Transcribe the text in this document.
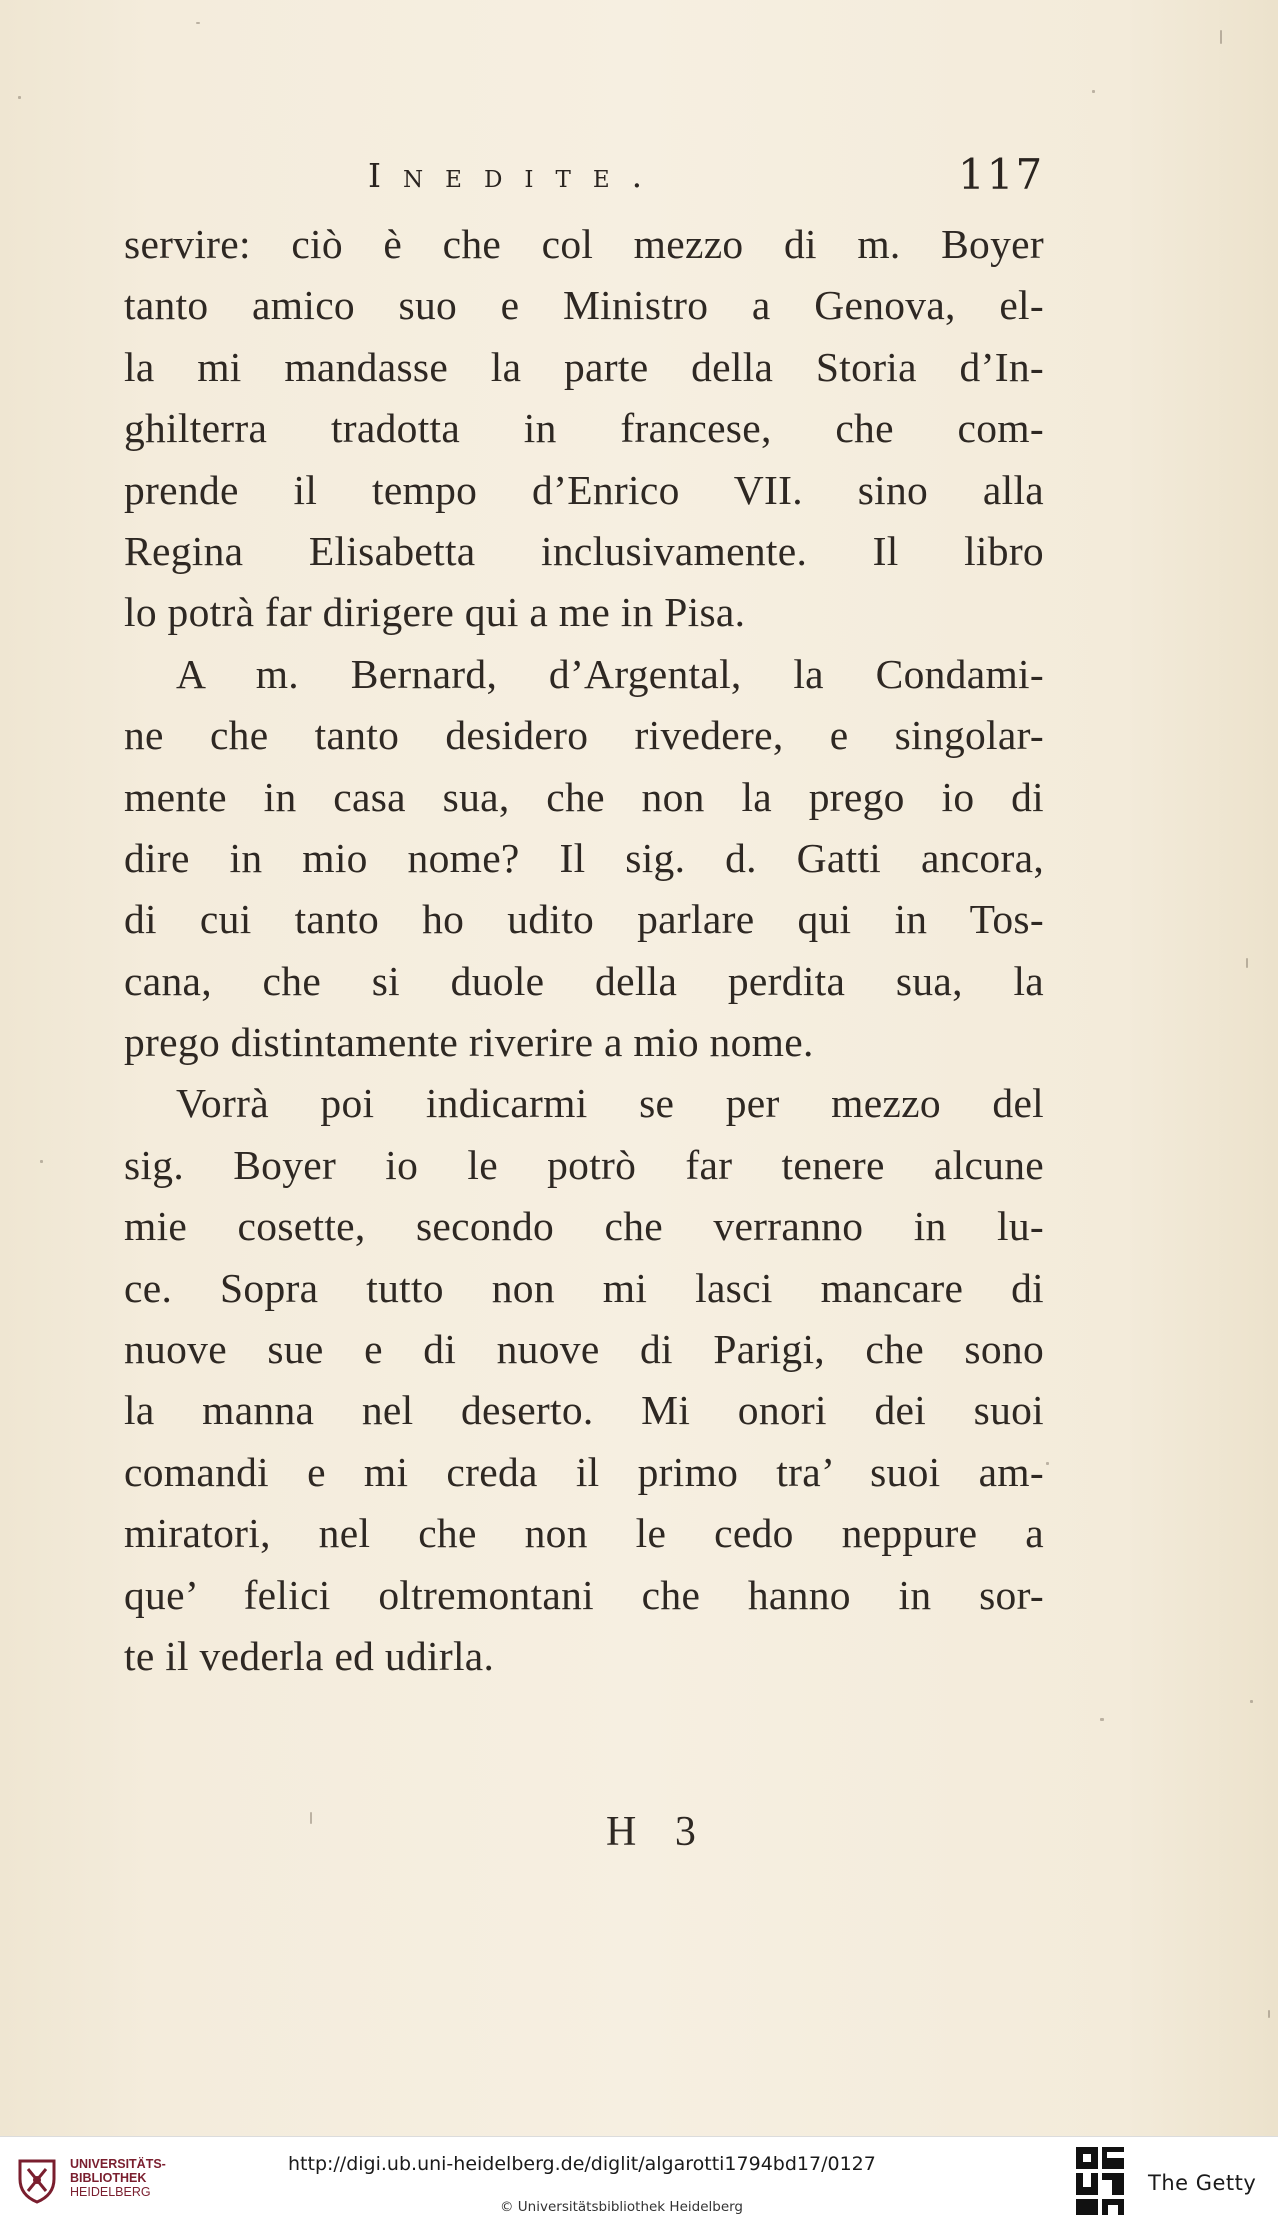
Inedite.	117
servire: ciò è che col mezzo di m. Boyer
tanto amico suo e Ministro a Genova, el-
la mi mandasse la parte della Storia d’In-
ghilterra tradotta in francese, che com-
prende il tempo d’Enrico VII. sino alla
Regina Elisabetta inclusivamente. Il libro
lo potrà far dirigere qui a me in Pisa.
A m. Bernard, d’Argental, la Condami-
ne che tanto desidero rivedere, e singolar-
mente in casa sua, che non la prego io di
dire in mio nome? Il sig. d. Gatti ancora,
di cui tanto ho udito parlare qui in Tos-
cana, che si duole della perdita sua, la
prego distintamente riverire a mio nome.
Vorrà poi indicarmi se per mezzo del
sig. Boyer io le potrò far tenere alcune
mie cosette, secondo che verranno in lu-
ce. Sopra tutto non mi lasci mancare di
nuove sue e di nuove di Parigi, che sono
la manna nel deserto. Mi onori dei suoi
comandi e mi creda il primo tra’ suoi am-
miratori, nel che non le cedo neppure a
que’ felici oltremontani che hanno in sor-
te il vederla ed udirla.
H 3
UNIVERSITÄTS-
BIBLIOTHEK
HEIDELBERG
http://digi.ub.uni-heidelberg.de/diglit/algarotti1794bd17/0127
© Universitätsbibliothek Heidelberg
The Getty
